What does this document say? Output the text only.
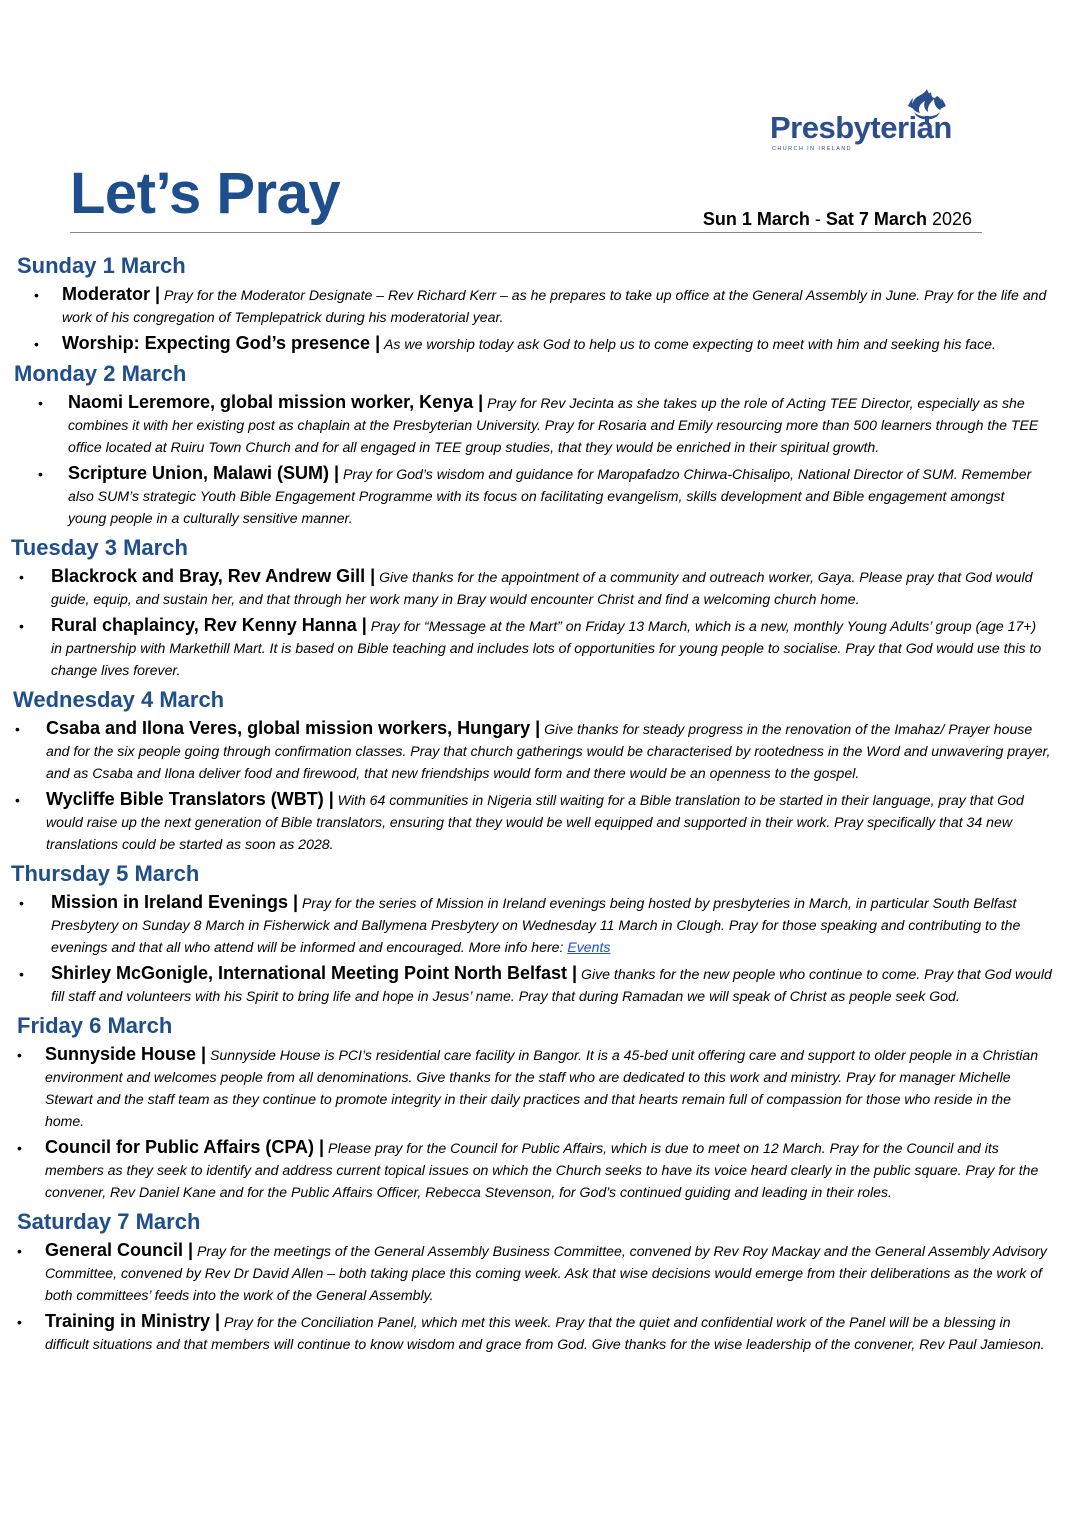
Presbyterian
CHURCH IN IRELAND
Let’s Pray	Sun 1 March - Sat 7 March 2026
Sunday 1 March
• Moderator | Pray for the Moderator Designate – Rev Richard Kerr – as he prepares to take up office at the General Assembly in June. Pray for the life and work of his congregation of Templepatrick during his moderatorial year.
• Worship: Expecting God’s presence | As we worship today ask God to help us to come expecting to meet with him and seeking his face.
Monday 2 March
• Naomi Leremore, global mission worker, Kenya | Pray for Rev Jecinta as she takes up the role of Acting TEE Director, especially as she combines it with her existing post as chaplain at the Presbyterian University. Pray for Rosaria and Emily resourcing more than 500 learners through the TEE office located at Ruiru Town Church and for all engaged in TEE group studies, that they would be enriched in their spiritual growth.
• Scripture Union, Malawi (SUM) | Pray for God’s wisdom and guidance for Maropafadzo Chirwa-Chisalipo, National Director of SUM. Remember also SUM’s strategic Youth Bible Engagement Programme with its focus on facilitating evangelism, skills development and Bible engagement amongst young people in a culturally sensitive manner.
Tuesday 3 March
• Blackrock and Bray, Rev Andrew Gill | Give thanks for the appointment of a community and outreach worker, Gaya. Please pray that God would guide, equip, and sustain her, and that through her work many in Bray would encounter Christ and find a welcoming church home.
• Rural chaplaincy, Rev Kenny Hanna | Pray for “Message at the Mart” on Friday 13 March, which is a new, monthly Young Adults’ group (age 17+) in partnership with Markethill Mart. It is based on Bible teaching and includes lots of opportunities for young people to socialise. Pray that God would use this to change lives forever.
Wednesday 4 March
• Csaba and Ilona Veres, global mission workers, Hungary | Give thanks for steady progress in the renovation of the Imahaz/ Prayer house and for the six people going through confirmation classes. Pray that church gatherings would be characterised by rootedness in the Word and unwavering prayer, and as Csaba and Ilona deliver food and firewood, that new friendships would form and there would be an openness to the gospel.
• Wycliffe Bible Translators (WBT) | With 64 communities in Nigeria still waiting for a Bible translation to be started in their language, pray that God would raise up the next generation of Bible translators, ensuring that they would be well equipped and supported in their work. Pray specifically that 34 new translations could be started as soon as 2028.
Thursday 5 March
• Mission in Ireland Evenings | Pray for the series of Mission in Ireland evenings being hosted by presbyteries in March, in particular South Belfast Presbytery on Sunday 8 March in Fisherwick and Ballymena Presbytery on Wednesday 11 March in Clough. Pray for those speaking and contributing to the evenings and that all who attend will be informed and encouraged. More info here: Events
• Shirley McGonigle, International Meeting Point North Belfast | Give thanks for the new people who continue to come. Pray that God would fill staff and volunteers with his Spirit to bring life and hope in Jesus’ name. Pray that during Ramadan we will speak of Christ as people seek God.
Friday 6 March
• Sunnyside House | Sunnyside House is PCI’s residential care facility in Bangor. It is a 45-bed unit offering care and support to older people in a Christian environment and welcomes people from all denominations. Give thanks for the staff who are dedicated to this work and ministry. Pray for manager Michelle Stewart and the staff team as they continue to promote integrity in their daily practices and that hearts remain full of compassion for those who reside in the home.
• Council for Public Affairs (CPA) | Please pray for the Council for Public Affairs, which is due to meet on 12 March. Pray for the Council and its members as they seek to identify and address current topical issues on which the Church seeks to have its voice heard clearly in the public square. Pray for the convener, Rev Daniel Kane and for the Public Affairs Officer, Rebecca Stevenson, for God’s continued guiding and leading in their roles.
Saturday 7 March
• General Council | Pray for the meetings of the General Assembly Business Committee, convened by Rev Roy Mackay and the General Assembly Advisory Committee, convened by Rev Dr David Allen – both taking place this coming week. Ask that wise decisions would emerge from their deliberations as the work of both committees’ feeds into the work of the General Assembly.
• Training in Ministry | Pray for the Conciliation Panel, which met this week. Pray that the quiet and confidential work of the Panel will be a blessing in difficult situations and that members will continue to know wisdom and grace from God. Give thanks for the wise leadership of the convener, Rev Paul Jamieson.
